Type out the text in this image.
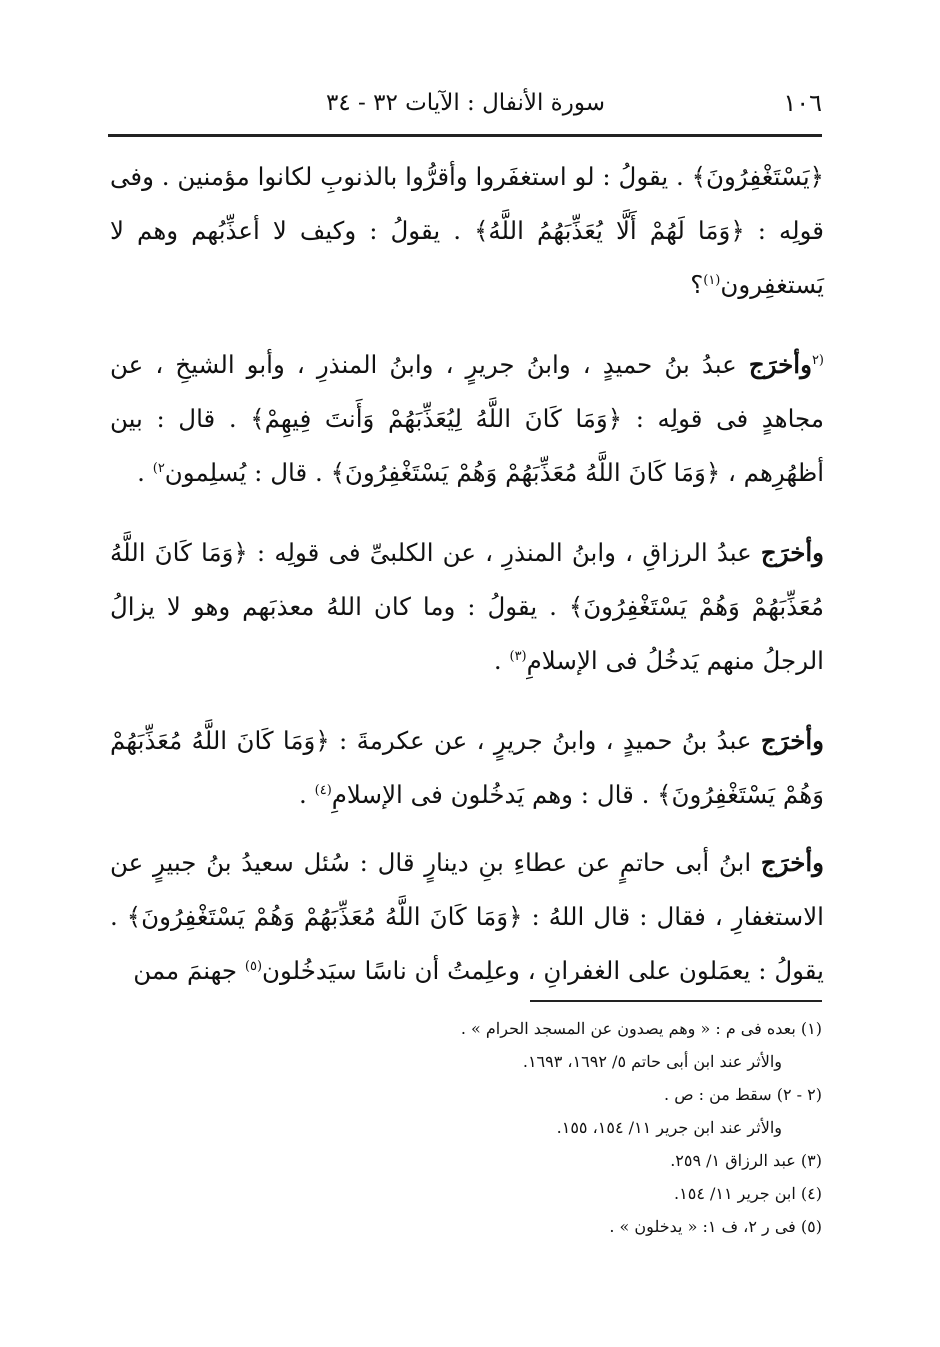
١٠٦
سورة الأنفال : الآيات ٣٢ - ٣٤

﴿يَسْتَغْفِرُونَ﴾ . يقولُ : لو استغفَروا وأقرُّوا بالذنوبِ لكانوا مؤمنين . وفى قولِه : ﴿وَمَا لَهُمْ أَلَّا يُعَذِّبَهُمُ اللَّهُ﴾ . يقولُ : وكيف لا أعذِّبُهم وهم لا يَستغفِرون$^{(١)}$؟

$^{(٢}$وأخرَج عبدُ بنُ حميدٍ ، وابنُ جريرٍ ، وابنُ المنذرِ ، وأبو الشيخِ ، عن مجاهدٍ فى قولِه : ﴿وَمَا كَانَ اللَّهُ لِيُعَذِّبَهُمْ وَأَنتَ فِيهِمْ﴾ . قال : بين أظهُرِهم ، ﴿وَمَا كَانَ اللَّهُ مُعَذِّبَهُمْ وَهُمْ يَسْتَغْفِرُونَ﴾ . قال : يُسلِمون$^{٢)}$ .

وأخرَج عبدُ الرزاقِ ، وابنُ المنذرِ ، عن الكلبىِّ فى قولِه : ﴿وَمَا كَانَ اللَّهُ مُعَذِّبَهُمْ وَهُمْ يَسْتَغْفِرُونَ﴾ . يقولُ : وما كان اللهُ معذبَهم وهو لا يزالُ الرجلُ منهم يَدخُلُ فى الإسلامِ$^{(٣)}$ .

وأخرَج عبدُ بنُ حميدٍ ، وابنُ جريرٍ ، عن عكرمةَ : ﴿وَمَا كَانَ اللَّهُ مُعَذِّبَهُمْ وَهُمْ يَسْتَغْفِرُونَ﴾ . قال : وهم يَدخُلون فى الإسلامِ$^{(٤)}$ .

وأخرَج ابنُ أبى حاتمٍ عن عطاءِ بنِ دينارٍ قال : سُئل سعيدُ بنُ جبيرٍ عن الاستغفارِ ، فقال : قال اللهُ : ﴿وَمَا كَانَ اللَّهُ مُعَذِّبَهُمْ وَهُمْ يَسْتَغْفِرُونَ﴾ . يقولُ : يعمَلون على الغفرانِ ، وعلِمتُ أن ناسًا سيَدخُلون$^{(٥)}$ جهنمَ ممن

(١) بعده فى م : « وهم يصدون عن المسجد الحرام » .

والأثر عند ابن أبى حاتم ٥/ ١٦٩٢، ١٦٩٣.

(٢ - ٢) سقط من : ص .

والأثر عند ابن جرير ١١/ ١٥٤، ١٥٥.

(٣) عبد الرزاق ١/ ٢٥٩.

(٤) ابن جرير ١١/ ١٥٤.

(٥) فى ر ٢، ف ١: « يدخلون » .
